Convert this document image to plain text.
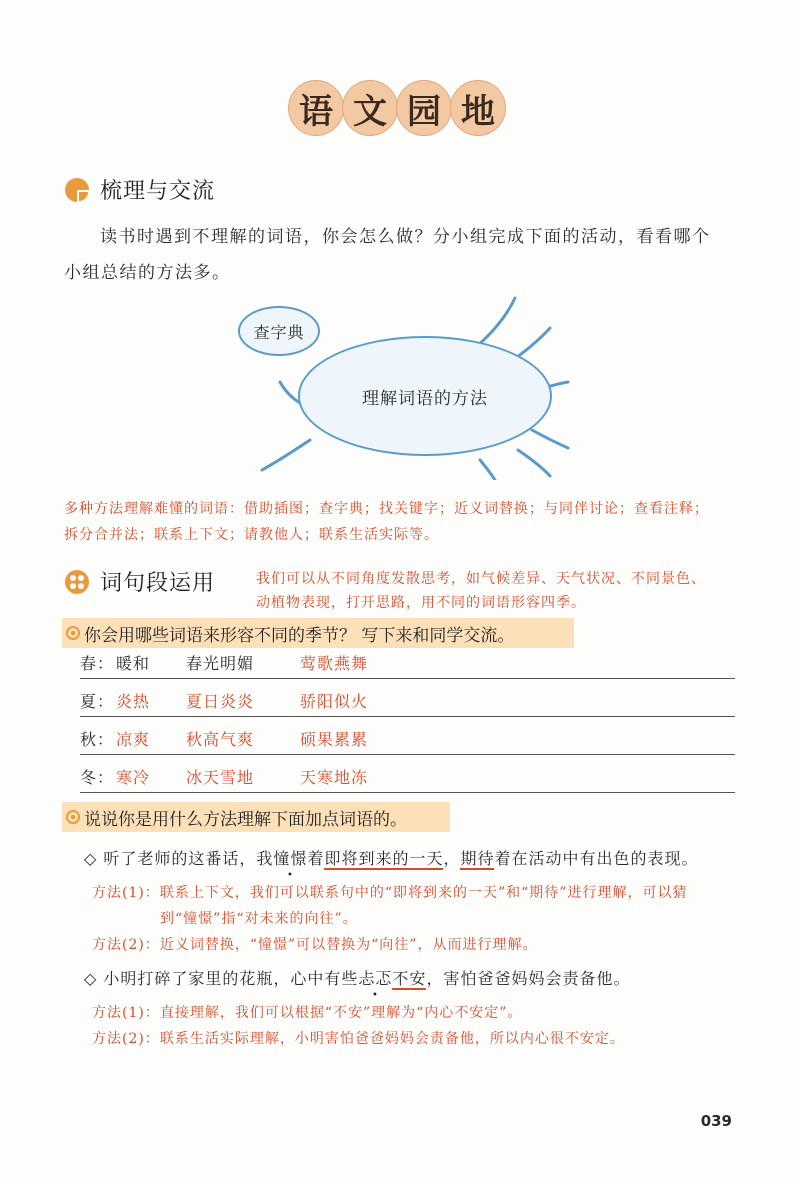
语 文 园 地
梳理与交流
读书时遇到不理解的词语，你会怎么做？分小组完成下面的活动，看看哪个
小组总结的方法多。
理解词语的方法
查字典
多种方法理解难懂的词语：借助插图；查字典；找关键字；近义词替换；与同伴讨论；查看注释；
拆分合并法；联系上下文；请教他人；联系生活实际等。
词句段运用	我们可以从不同角度发散思考，如气候差异、天气状况、不同景色、
动植物表现，打开思路，用不同的词语形容四季。
你会用哪些词语来形容不同的季节？ 写下来和同学交流。
春： 暖和 春光明媚	莺歌燕舞
夏： 炎热 夏日炎炎	骄阳似火
秋： 凉爽 秋高气爽	硕果累累
冬： 寒冷 冰天雪地	天寒地冻
说说你是用什么方法理解下面加点词语的。
◇ 听了老师的这番话，我憧憬着即将到来的一天，期待着在活动中有出色的表现。
方法(1)：联系上下文，我们可以联系句中的“即将到来的一天”和“期待”进行理解，可以猜
到“憧憬”指“对未来的向往”。
方法(2)：近义词替换，“憧憬”可以替换为“向往”，从而进行理解。
◇ 小明打碎了家里的花瓶，心中有些忐忑不安，害怕爸爸妈妈会责备他。
方法(1)：直接理解，我们可以根据“不安”理解为“内心不安定”。
方法(2)：联系生活实际理解，小明害怕爸爸妈妈会责备他，所以内心很不安定。
039
